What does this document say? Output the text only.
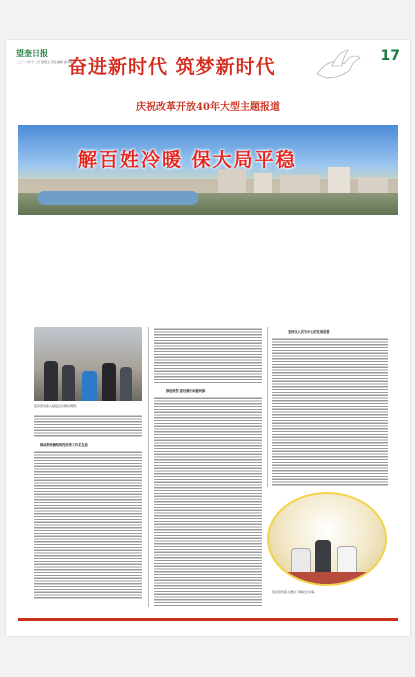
望奎日报
二〇一八年十二月 星期五 责任编辑 美术编辑
奋进新时代 筑梦新时代	17
庆祝改革开放40年大型主题报道
解百姓冷暖 保大局平稳
某县领导深入基层走访群众调研。
推动供给侧结构性改革工作走在前
推进转型 抓好新旧动能转换
坚持以人民为中心的发展思想
某县领导深入群众了解民生实事。
